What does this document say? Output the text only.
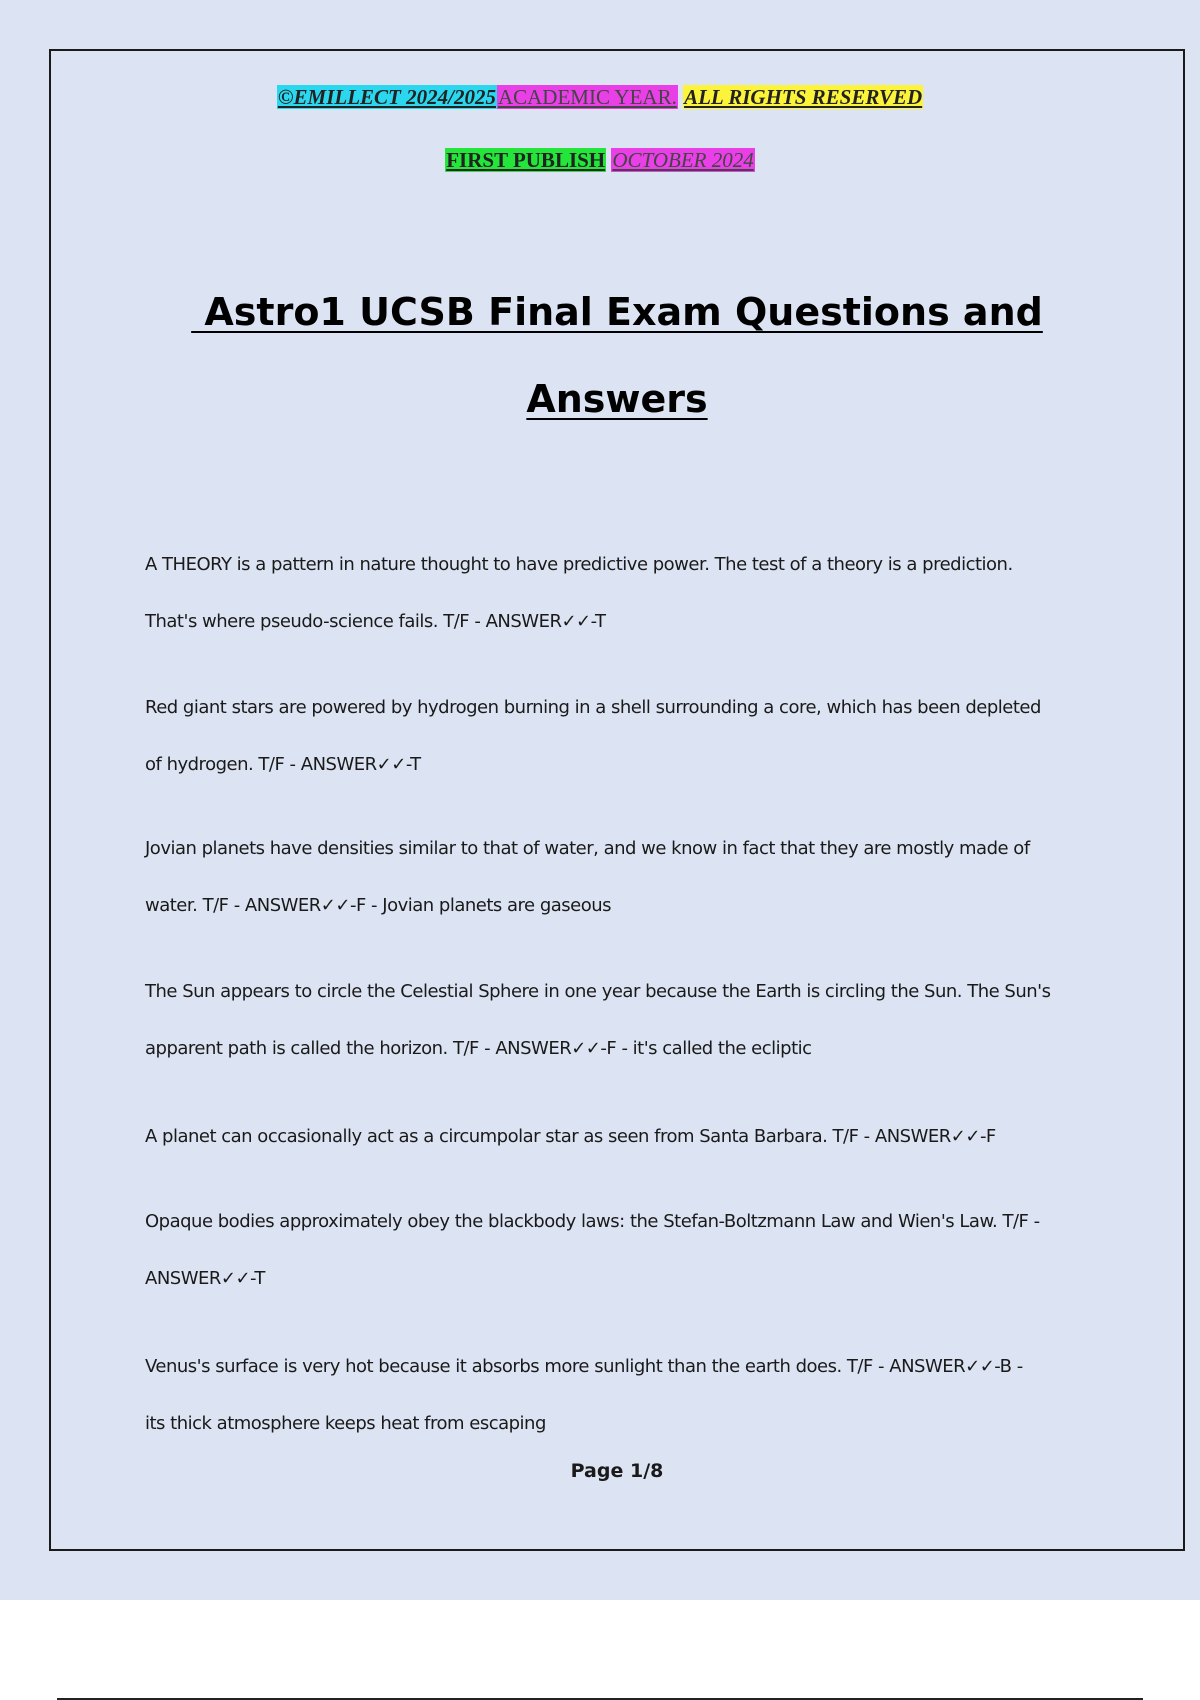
©EMILLECT 2024/2025ACADEMIC YEAR. ALL RIGHTS RESERVED
FIRST PUBLISH OCTOBER 2024
Astro1 UCSB Final Exam Questions and
Answers

A THEORY is a pattern in nature thought to have predictive power. The test of a theory is a prediction.

That's where pseudo-science fails. T/F - ANSWER✓✓-T

Red giant stars are powered by hydrogen burning in a shell surrounding a core, which has been depleted

of hydrogen. T/F - ANSWER✓✓-T

Jovian planets have densities similar to that of water, and we know in fact that they are mostly made of

water. T/F - ANSWER✓✓-F - Jovian planets are gaseous

The Sun appears to circle the Celestial Sphere in one year because the Earth is circling the Sun. The Sun's

apparent path is called the horizon. T/F - ANSWER✓✓-F - it's called the ecliptic

A planet can occasionally act as a circumpolar star as seen from Santa Barbara. T/F - ANSWER✓✓-F

Opaque bodies approximately obey the blackbody laws: the Stefan-Boltzmann Law and Wien's Law. T/F -

ANSWER✓✓-T

Venus's surface is very hot because it absorbs more sunlight than the earth does. T/F - ANSWER✓✓-B -

its thick atmosphere keeps heat from escaping

Page 1/8
